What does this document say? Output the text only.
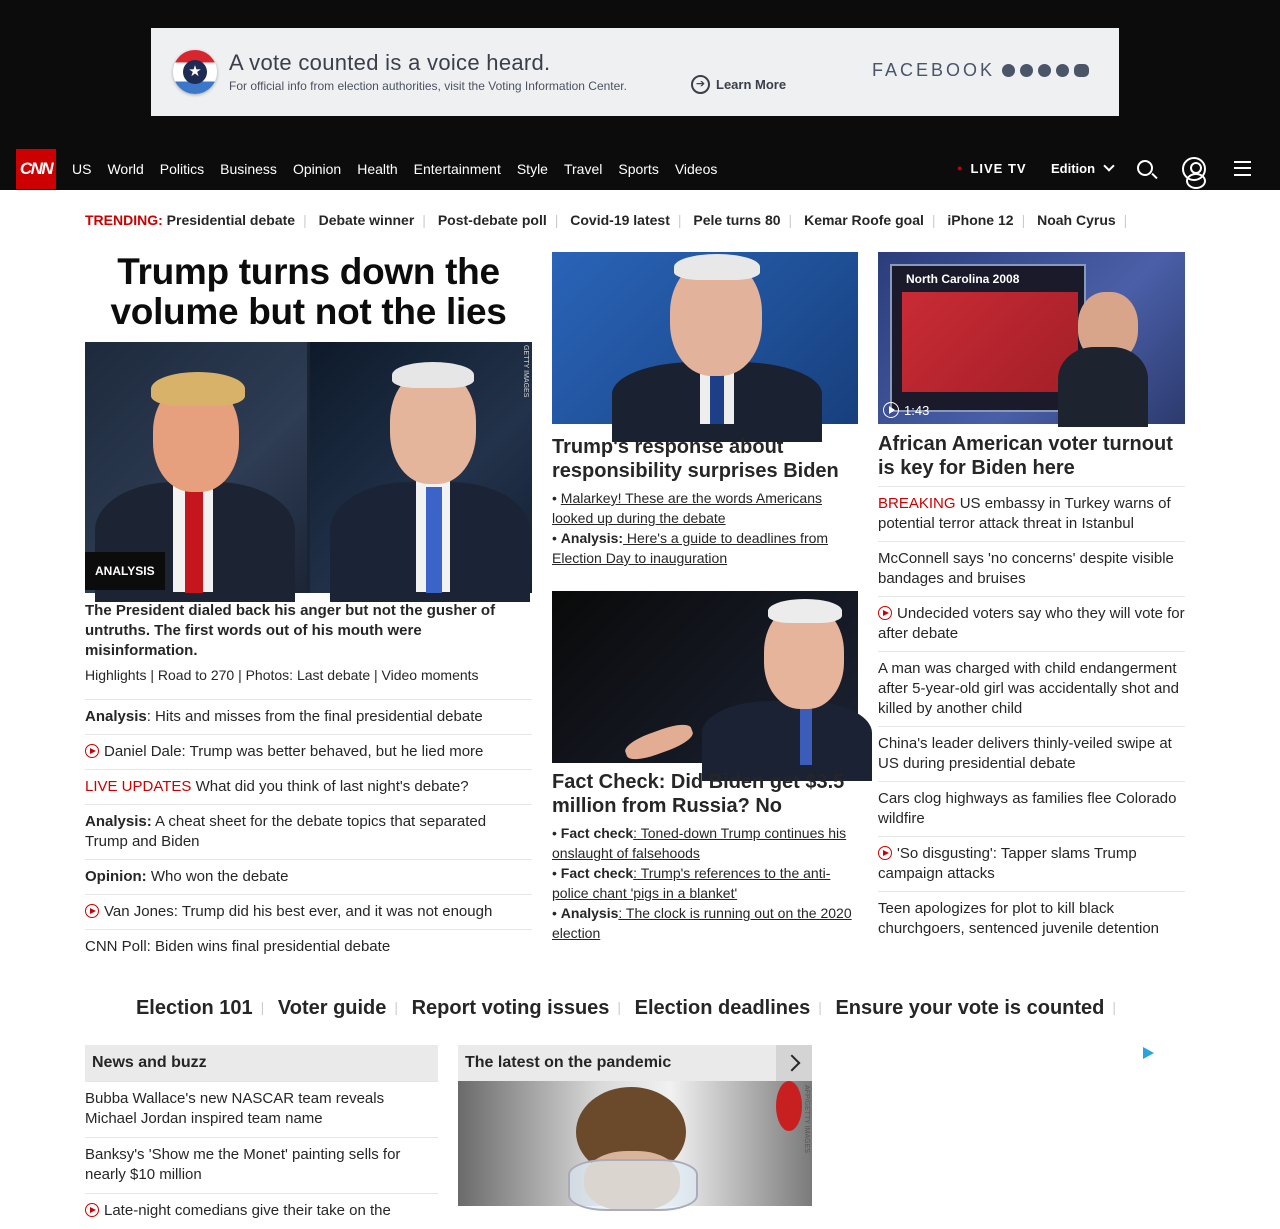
★ A vote counted is a voice heard.
For official info from election authorities, visit the Voting Information Center.	➔ Learn More
FACEBOOK
CNN US World Politics Business Opinion Health Entertainment Style Travel Sports Videos	● LIVE TV Edition
TRENDING: Presidential debate | Debate winner | Post-debate poll | Covid-19 latest | Pele turns 80 | Kemar Roofe goal | iPhone 12 | Noah Cyrus |
Trump turns down the volume but not the lies
GETTY IMAGES
ANALYSIS
The President dialed back his anger but not the gusher of untruths. The first words out of his mouth were misinformation.
Highlights | Road to 270 | Photos: Last debate | Video moments
Analysis: Hits and misses from the final presidential debate
Daniel Dale: Trump was better behaved, but he lied more
LIVE UPDATES What did you think of last night's debate?
Analysis: A cheat sheet for the debate topics that separated Trump and Biden
Opinion: Who won the debate
Van Jones: Trump did his best ever, and it was not enough
CNN Poll: Biden wins final presidential debate
Trump's response about responsibility surprises Biden
• Malarkey! These are the words Americans looked up during the debate
• Analysis: Here's a guide to deadlines from Election Day to inauguration
Fact Check: Did Biden get $3.5 million from Russia? No
• Fact check: Toned-down Trump continues his onslaught of falsehoods
• Fact check: Trump's references to the anti-police chant 'pigs in a blanket'
• Analysis: The clock is running out on the 2020 election
North Carolina 2008
1:43
African American voter turnout is key for Biden here
BREAKING US embassy in Turkey warns of potential terror attack threat in Istanbul
McConnell says 'no concerns' despite visible bandages and bruises
Undecided voters say who they will vote for after debate
A man was charged with child endangerment after 5-year-old girl was accidentally shot and killed by another child
China's leader delivers thinly-veiled swipe at US during presidential debate
Cars clog highways as families flee Colorado wildfire
'So disgusting': Tapper slams Trump campaign attacks
Teen apologizes for plot to kill black churchgoers, sentenced juvenile detention
Election 101 | Voter guide | Report voting issues | Election deadlines | Ensure your vote is counted |
News and buzz
Bubba Wallace's new NASCAR team reveals Michael Jordan inspired team name
Banksy's 'Show me the Monet' painting sells for nearly $10 million
Late-night comedians give their take on the
The latest on the pandemic
AFP/GETTY IMAGES
